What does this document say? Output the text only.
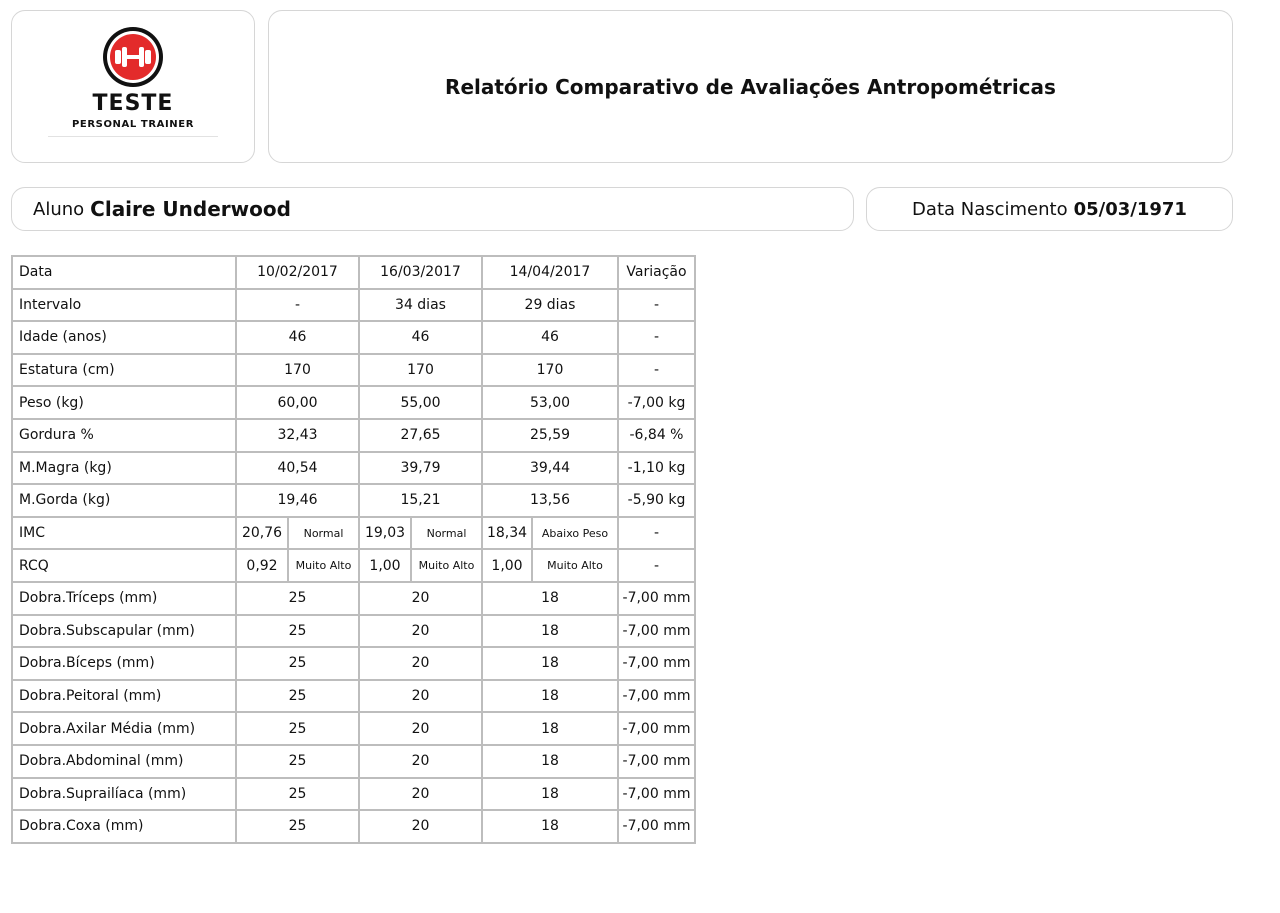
TESTE
PERSONAL TRAINER
Relatório Comparativo de Avaliações Antropométricas
Aluno Claire Underwood	Data Nascimento 05/03/1971
Data	10/02/2017		16/03/2017		14/04/2017		Variação
Intervalo	-		34 dias		29 dias		-
Idade (anos)	46		46		46		-
Estatura (cm)	170		170		170		-
Peso (kg)	60,00		55,00		53,00		-7,00 kg
Gordura %	32,43		27,65		25,59		-6,84 %
M.Magra (kg)	40,54		39,79		39,44		-1,10 kg
M.Gorda (kg)	19,46		15,21		13,56		-5,90 kg
IMC	20,76	Normal	19,03	Normal	18,34	Abaixo Peso	-
RCQ	0,92	Muito Alto	1,00	Muito Alto	1,00	Muito Alto	-
Dobra.Tríceps (mm)	25		20		18		-7,00 mm
Dobra.Subscapular (mm)	25		20		18		-7,00 mm
Dobra.Bíceps (mm)	25		20		18		-7,00 mm
Dobra.Peitoral (mm)	25		20		18		-7,00 mm
Dobra.Axilar Média (mm)	25		20		18		-7,00 mm
Dobra.Abdominal (mm)	25		20		18		-7,00 mm
Dobra.Suprailíaca (mm)	25		20		18		-7,00 mm
Dobra.Coxa (mm)	25		20		18		-7,00 mm
